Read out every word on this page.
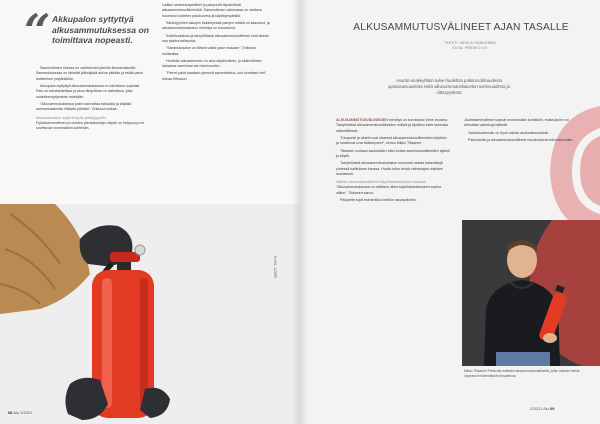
“ Akkupalon syttyttyä alkusammutuksessa on toimittava nopeasti.

Sammuttimen ohessa on vaihtoehdot pienille litiumioniakuille. Sammutuksessa on tärkeää jäähdyttää akkua pitkään ja estää palon leviäminen ympäristöön.

Akkupalon syttyttyä alkusammutuksessa on toimittava nopeasti. Palo on tukahdutettava ja akun lämpötilaa on laskettava, jotta uudelleensyttyminen estetään.

"Alkusammutuksessa palon kannattaa tarkkailla ja käyttää sammutusainetta riittävän pitkään", Eriksson toteaa.

Sammutusaine sopii tietyille palotyypeille

Pyöräsammuttimen ja muiden pienkalustojen käyttö on helppoa ja ne soveltuvat monenlaisiin kohteisiin.

Lisäksi sammutuspeitteet ja palopostit täydentävät alkusammutusvälineistöä. Sammuttimen valinnassa on otettava huomioon kohteen palokuorma ja käyttöympäristö.

Sähköpyörien akkujen lisääntyessä palojen määrä on kasvanut, ja alkusammutuskaluston merkitys on korostunut.

Kotitalouksissa ja taloyhtiöissä alkusammutusvälineet ovat tärkeä osa paloturvallisuutta.

"Sammutusaine on tärkeä valita palon mukaan", Eriksson muistuttaa.

Huollettu alkusammutin on aina käyttövalmis, ja säännöllinen tarkastus varmistaa sen toimivuuden.

"Pienet palot saadaan yleensä sammutettua, kun toimitaan heti", toteaa Eriksson.

KUVA: 123RF
68 Alu 2/2021
ALKUSAMMUTUSVÄLINEET AJAN TASALLE
TEKSTI: MERJA HANKONEN
KUVA: PRESKO OY
Asunto-osakeyhtiön tulee huolehtia paloturvallisuudesta ajantasaisuudesta sekä alkusammutuskaluston toimivuudesta ja riittävyydestä

ALKUSAMMUTUSVÄLINEIDEN merkitys on korostunut viime vuosina. Taloyhtiöissä alkusammutusvälineiden määrä ja sijoittelu tulee tarkistaa säännöllisesti.

"Kaupunki ja alueet ovat ottaneet alkusammutusvälineistön käyttöön ja hankinnat ovat lisääntyneet", kertoo Mikko Tikkanen.

Tikkasen mukaan asukkaiden tulisi tuntea sammutusvälineiden sijainti ja käyttö.

Taloyhtiöissä alkusammutuskaluston kunnosta vastaa isännöitsijä yhdessä hallituksen kanssa. Huolto tulee tehdä valmistajan ohjeiden mukaisesti.

Valitse sammutusvälineet käyttötarkoituksen mukaan

"Alkusammutuksessa on valittava oikea käyttötarkoitukseen sopiva väline", Tikkanen sanoo.

Palopeite sopii esimerkiksi keittiön rasvapaloihin.

Jauhesammuttimet sopivat monenlaisiin kohteisiin, mutta jauhe voi aiheuttaa vahinkoja laitteille.

Vaahtosammutin on hyvä valinta asuinrakennuksiin.

Palovaroitin ja alkusammutusvälineet muodostavat kokonaisuuden.

Mikko Tikkanen Preskolta esittelee alkusammutusvälineitä, joilla voidaan toimia nopeasti ensimmäisinä minuutteina.
2/2021 Alu 69
